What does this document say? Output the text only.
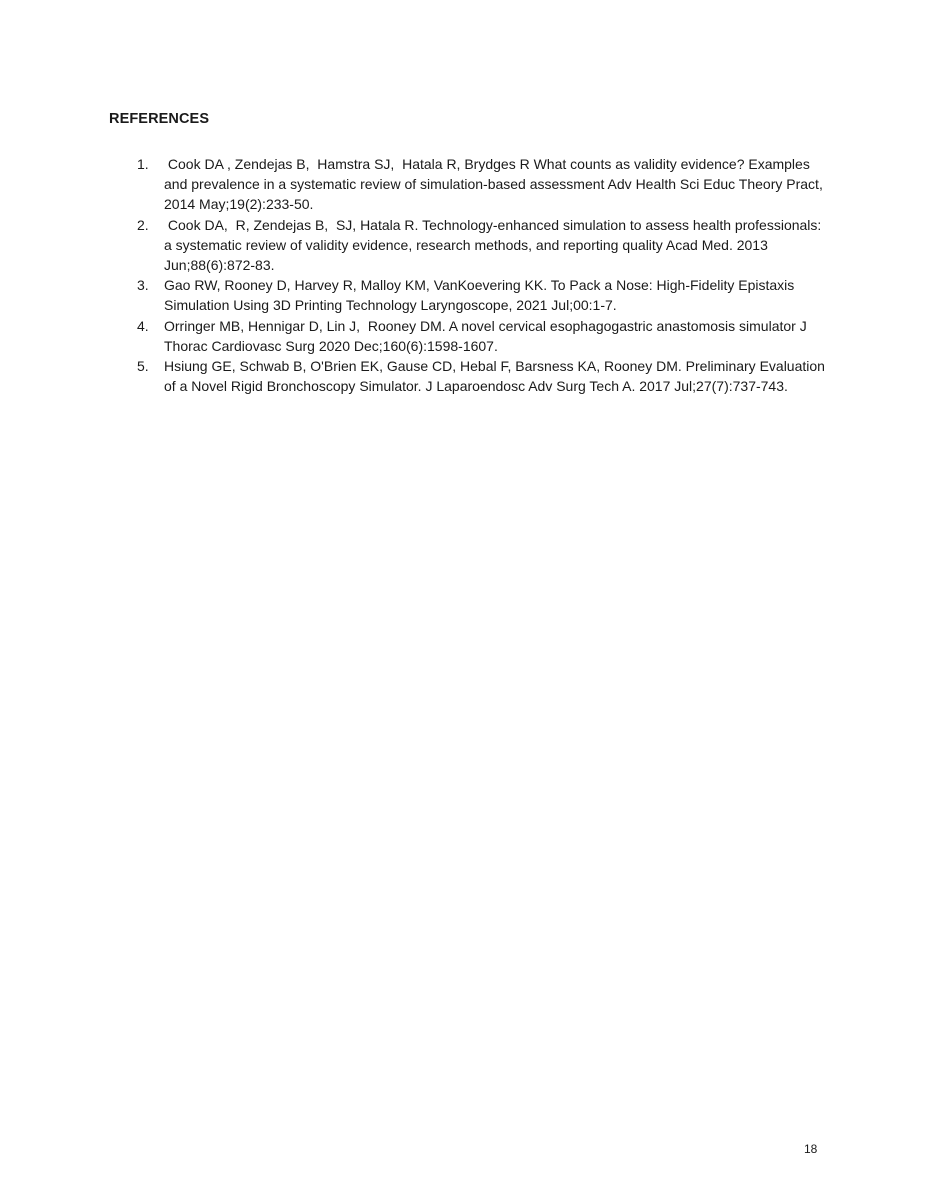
REFERENCES
1.	Cook DA , Zendejas B,  Hamstra SJ,  Hatala R, Brydges R What counts as validity evidence? Examples and prevalence in a systematic review of simulation-based assessment Adv Health Sci Educ Theory Pract, 2014 May;19(2):233-50.
2.	Cook DA,  R, Zendejas B,  SJ, Hatala R. Technology-enhanced simulation to assess health professionals: a systematic review of validity evidence, research methods, and reporting quality Acad Med. 2013 Jun;88(6):872-83.
3.	Gao RW, Rooney D, Harvey R, Malloy KM, VanKoevering KK. To Pack a Nose: High-Fidelity Epistaxis Simulation Using 3D Printing Technology Laryngoscope, 2021 Jul;00:1-7.
4.	Orringer MB, Hennigar D, Lin J,  Rooney DM. A novel cervical esophagogastric anastomosis simulator J Thorac Cardiovasc Surg 2020 Dec;160(6):1598-1607.
5.	Hsiung GE, Schwab B, O'Brien EK, Gause CD, Hebal F, Barsness KA, Rooney DM. Preliminary Evaluation of a Novel Rigid Bronchoscopy Simulator. J Laparoendosc Adv Surg Tech A. 2017 Jul;27(7):737-743.
18
